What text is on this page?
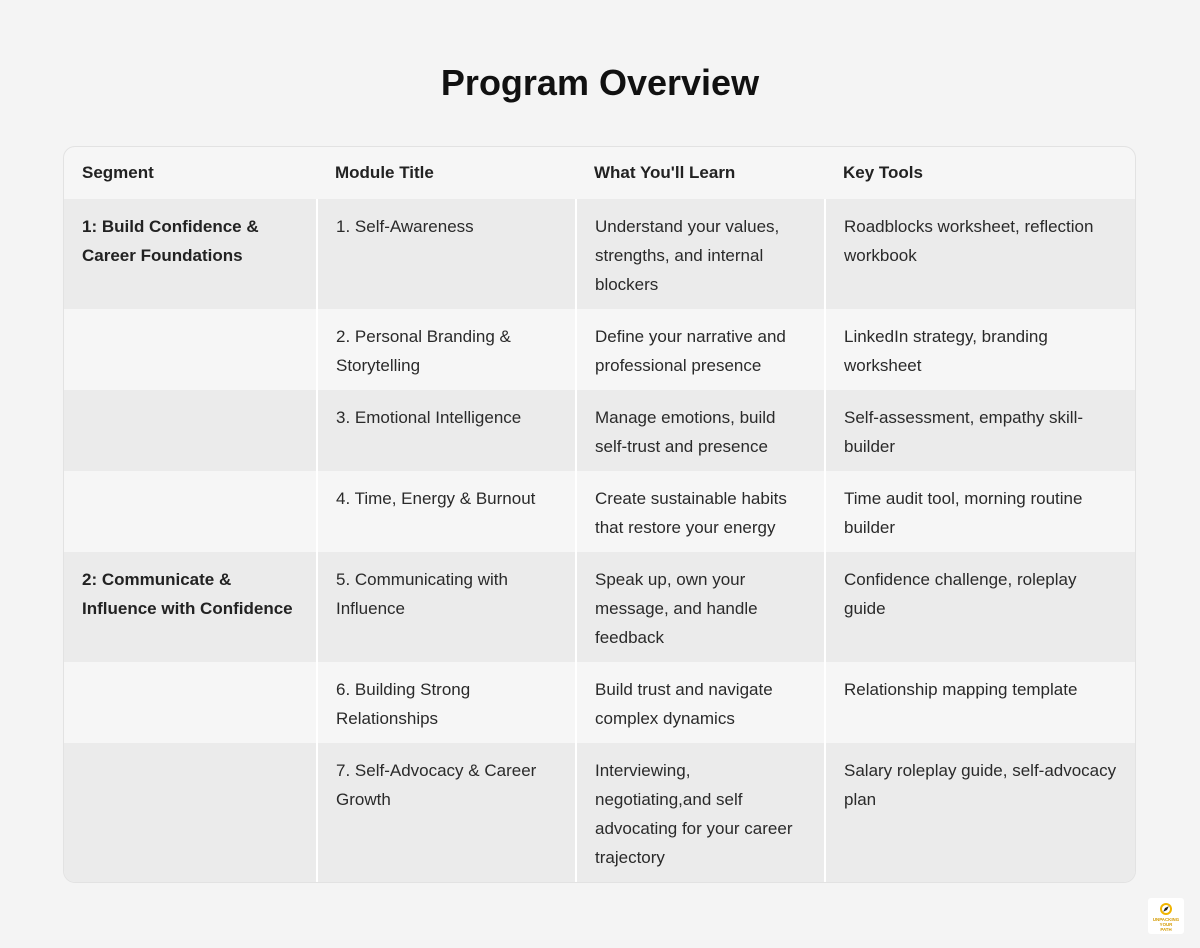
Program Overview
Segment	Module Title	What You'll Learn	Key Tools
1: Build Confidence & Career Foundations	1. Self-Awareness	Understand your values, strengths, and internal blockers	Roadblocks worksheet, reflection workbook
	2. Personal Branding & Storytelling	Define your narrative and professional presence	LinkedIn strategy, branding worksheet
	3. Emotional Intelligence	Manage emotions, build self-trust and presence	Self-assessment, empathy skill-builder
	4. Time, Energy & Burnout	Create sustainable habits that restore your energy	Time audit tool, morning routine builder
2: Communicate & Influence with Confidence	5. Communicating with Influence	Speak up, own your message, and handle feedback	Confidence challenge, roleplay guide
	6. Building Strong Relationships	Build trust and navigate complex dynamics	Relationship mapping template
	7. Self-Advocacy & Career Growth	Interviewing, negotiating,and self advocating for your career trajectory	Salary roleplay guide, self-advocacy plan
UNPACKING
YOUR
PATH
